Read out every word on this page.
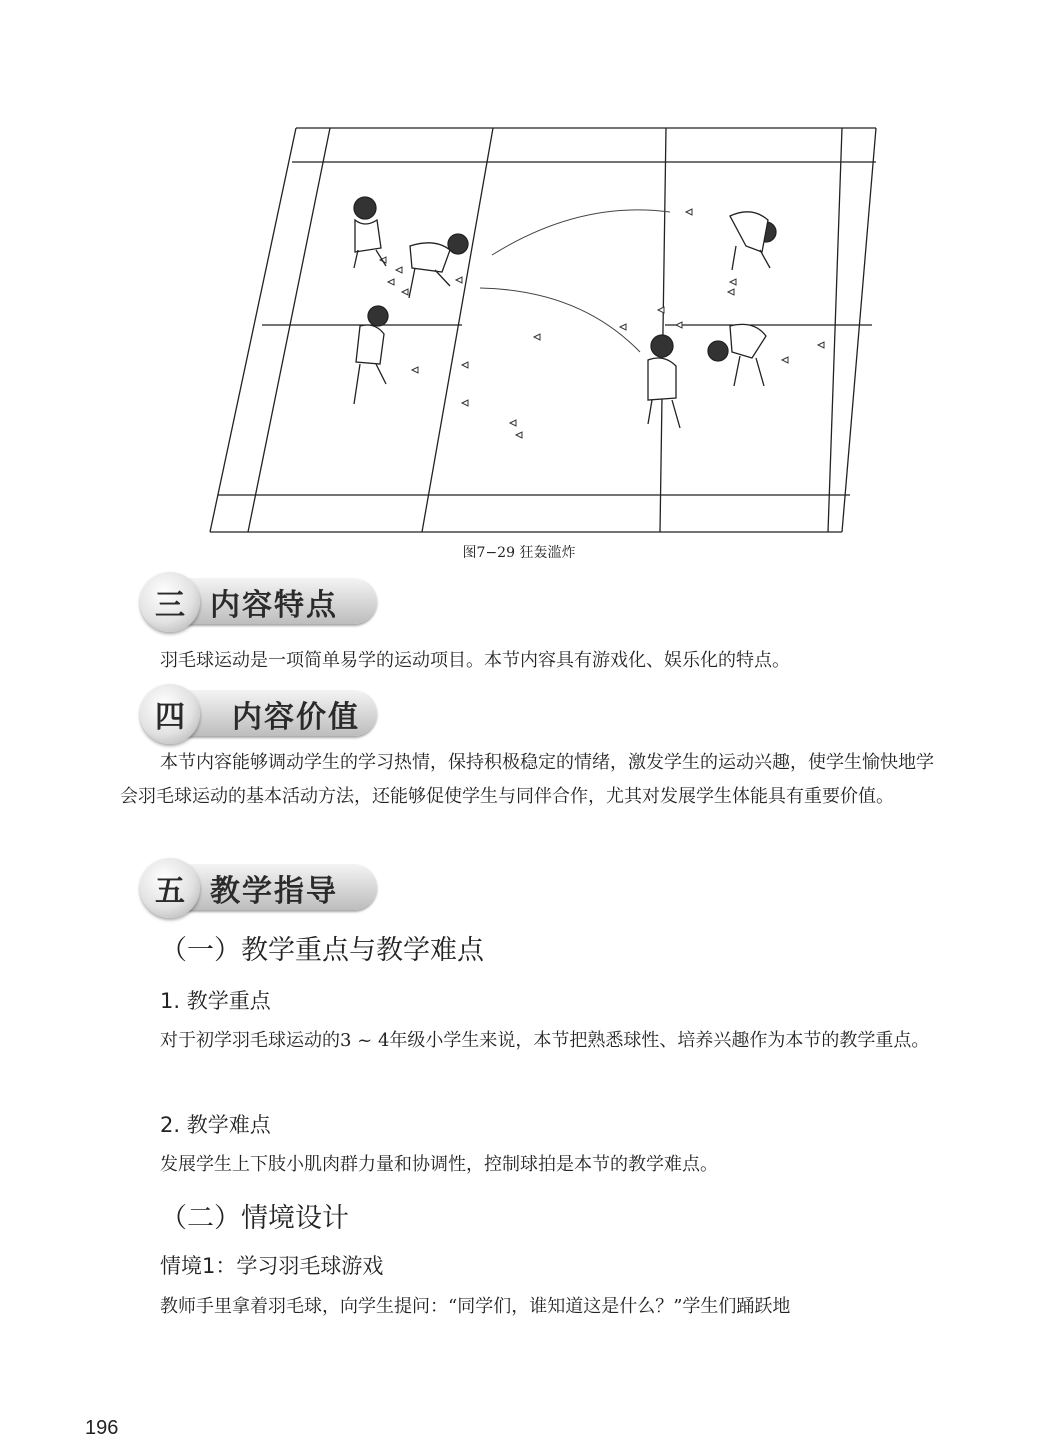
图7−29 狂轰滥炸
三 内容特点

羽毛球运动是一项简单易学的运动项目。本节内容具有游戏化、娱乐化的特点。

四	内容价值

本节内容能够调动学生的学习热情，保持积极稳定的情绪，激发学生的运动兴趣，使学生愉快地学会羽毛球运动的基本活动方法，还能够促使学生与同伴合作，尤其对发展学生体能具有重要价值。

五 教学指导
（一）教学重点与教学难点
1. 教学重点

对于初学羽毛球运动的3 ~ 4年级小学生来说，本节把熟悉球性、培养兴趣作为本节的教学重点。

2. 教学难点

发展学生上下肢小肌肉群力量和协调性，控制球拍是本节的教学难点。

（二）情境设计
情境1：学习羽毛球游戏

教师手里拿着羽毛球，向学生提问：“同学们，谁知道这是什么？”学生们踊跃地

196
